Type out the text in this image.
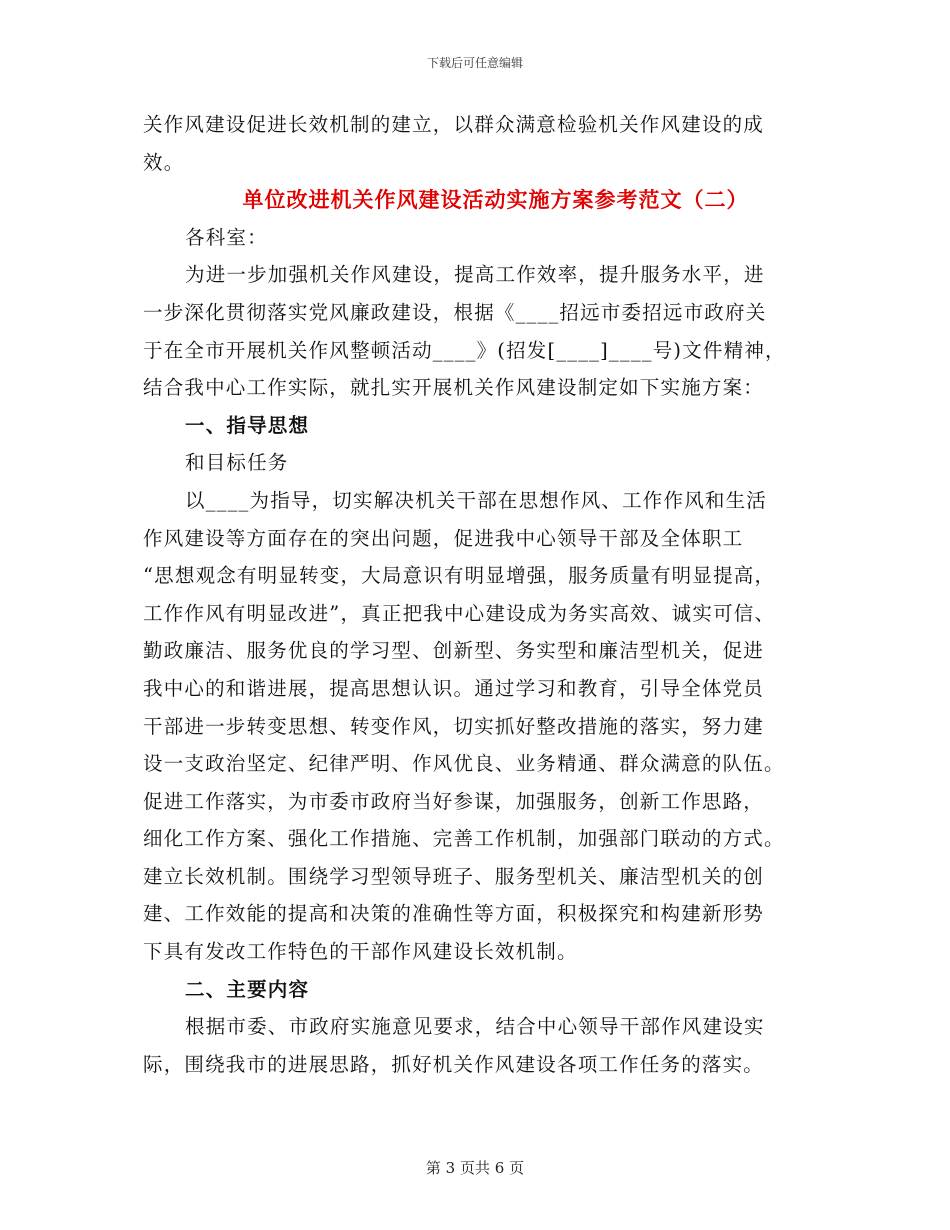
下载后可任意编辑
关作风建设促进长效机制的建立，以群众满意检验机关作风建设的成
效。
单位改进机关作风建设活动实施方案参考范文（二）
各科室：
为进一步加强机关作风建设，提高工作效率，提升服务水平，进
一步深化贯彻落实党风廉政建设，根据《____招远市委招远市政府关
于在全市开展机关作风整顿活动____》(招发[____]____号)文件精神，
结合我中心工作实际，就扎实开展机关作风建设制定如下实施方案：
一、指导思想
和目标任务
以____为指导，切实解决机关干部在思想作风、工作作风和生活
作风建设等方面存在的突出问题，促进我中心领导干部及全体职工
“思想观念有明显转变，大局意识有明显增强，服务质量有明显提高，
工作作风有明显改进”，真正把我中心建设成为务实高效、诚实可信、
勤政廉洁、服务优良的学习型、创新型、务实型和廉洁型机关，促进
我中心的和谐进展，提高思想认识。通过学习和教育，引导全体党员
干部进一步转变思想、转变作风，切实抓好整改措施的落实，努力建
设一支政治坚定、纪律严明、作风优良、业务精通、群众满意的队伍。
促进工作落实，为市委市政府当好参谋，加强服务，创新工作思路，
细化工作方案、强化工作措施、完善工作机制，加强部门联动的方式。
建立长效机制。围绕学习型领导班子、服务型机关、廉洁型机关的创
建、工作效能的提高和决策的准确性等方面，积极探究和构建新形势
下具有发改工作特色的干部作风建设长效机制。
二、主要内容
根据市委、市政府实施意见要求，结合中心领导干部作风建设实
际，围绕我市的进展思路，抓好机关作风建设各项工作任务的落实。
第 3 页共 6 页
